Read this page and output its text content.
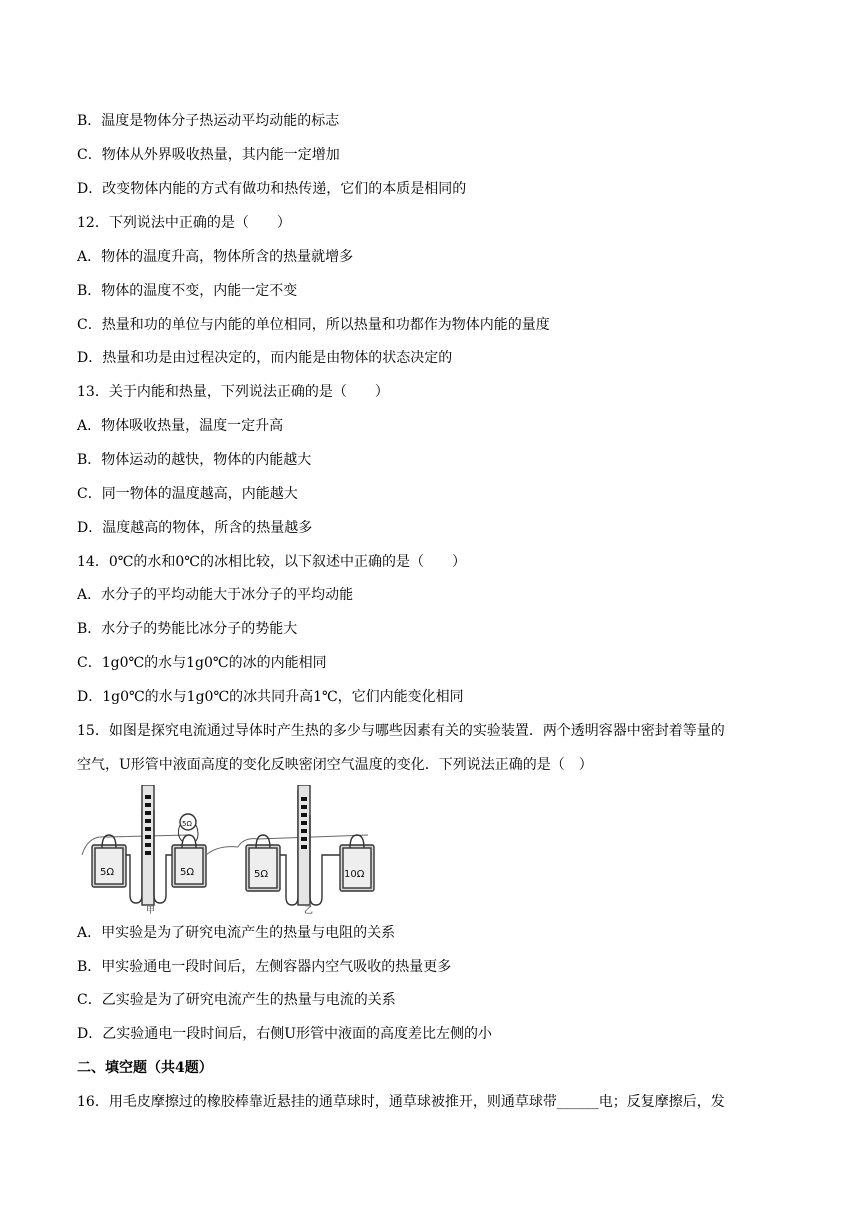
B．温度是物体分子热运动平均动能的标志
C．物体从外界吸收热量，其内能一定增加
D．改变物体内能的方式有做功和热传递，它们的本质是相同的
12．下列说法中正确的是（　　）
A．物体的温度升高，物体所含的热量就增多
B．物体的温度不变，内能一定不变
C．热量和功的单位与内能的单位相同，所以热量和功都作为物体内能的量度
D．热量和功是由过程决定的，而内能是由物体的状态决定的
13．关于内能和热量，下列说法正确的是（　　）
A．物体吸收热量，温度一定升高
B．物体运动的越快，物体的内能越大
C．同一物体的温度越高，内能越大
D．温度越高的物体，所含的热量越多
14．0℃的水和0℃的冰相比较，以下叙述中正确的是（　　）
A．水分子的平均动能大于冰分子的平均动能
B．水分子的势能比冰分子的势能大
C．1g0℃的水与1g0℃的冰的内能相同
D．1g0℃的水与1g0℃的冰共同升高1℃，它们内能变化相同
15．如图是探究电流通过导体时产生热的多少与哪些因素有关的实验装置．两个透明容器中密封着等量的
空气，U形管中液面高度的变化反映密闭空气温度的变化．下列说法正确的是（　）
5Ω	5Ω
5Ω
甲
5Ω	10Ω
乙
A．甲实验是为了研究电流产生的热量与电阻的关系
B．甲实验通电一段时间后，左侧容器内空气吸收的热量更多
C．乙实验是为了研究电流产生的热量与电流的关系
D．乙实验通电一段时间后，右侧U形管中液面的高度差比左侧的小
二、填空题（共4题）
16．用毛皮摩擦过的橡胶棒靠近悬挂的通草球时，通草球被推开，则通草球带______电；反复摩擦后，发
